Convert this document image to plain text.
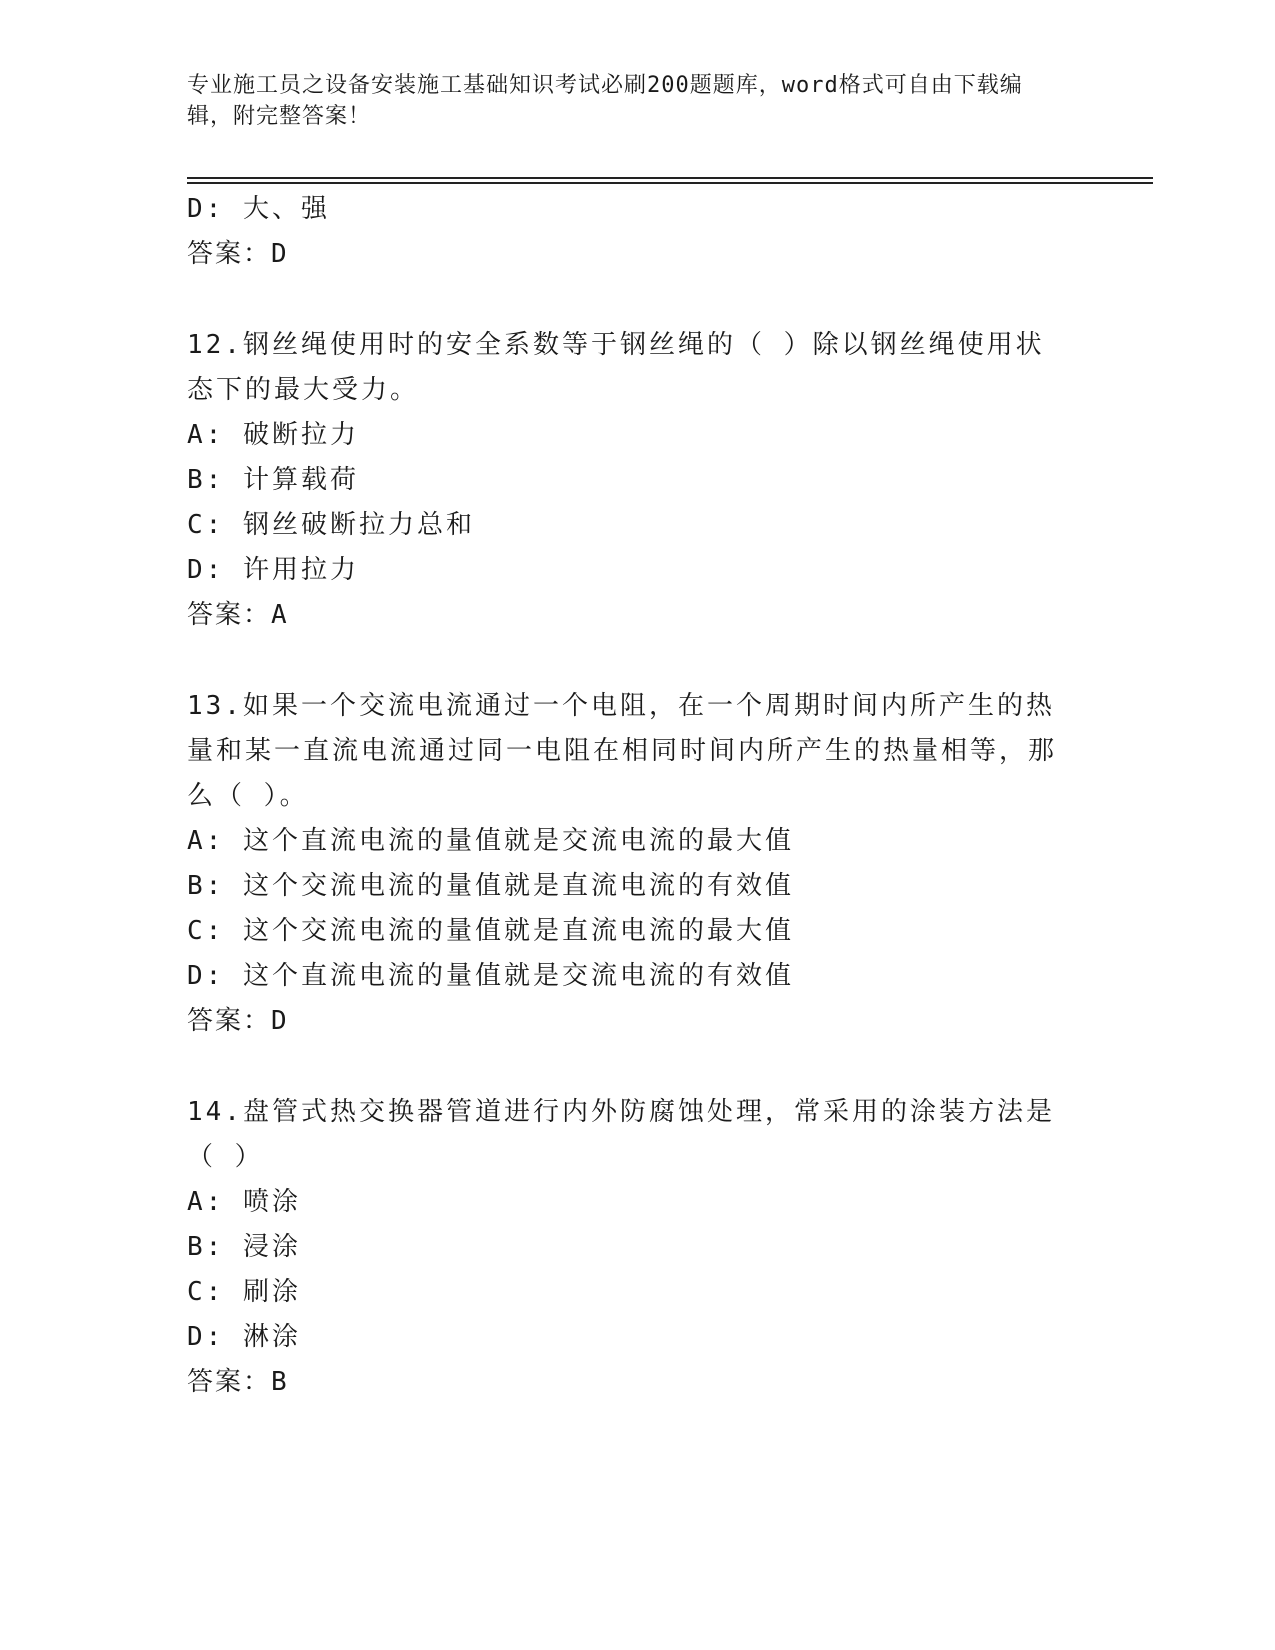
专业施工员之设备安装施工基础知识考试必刷200题题库，word格式可自由下载编辑，附完整答案！
D: 大、强
答案：D
12.钢丝绳使用时的安全系数等于钢丝绳的（ ）除以钢丝绳使用状态下的最大受力。
A: 破断拉力
B: 计算载荷
C: 钢丝破断拉力总和
D: 许用拉力
答案：A
13.如果一个交流电流通过一个电阻，在一个周期时间内所产生的热量和某一直流电流通过同一电阻在相同时间内所产生的热量相等，那么（ ）。
A: 这个直流电流的量值就是交流电流的最大值
B: 这个交流电流的量值就是直流电流的有效值
C: 这个交流电流的量值就是直流电流的最大值
D: 这个直流电流的量值就是交流电流的有效值
答案：D
14.盘管式热交换器管道进行内外防腐蚀处理，常采用的涂装方法是（ ）
A: 喷涂
B: 浸涂
C: 刷涂
D: 淋涂
答案：B
